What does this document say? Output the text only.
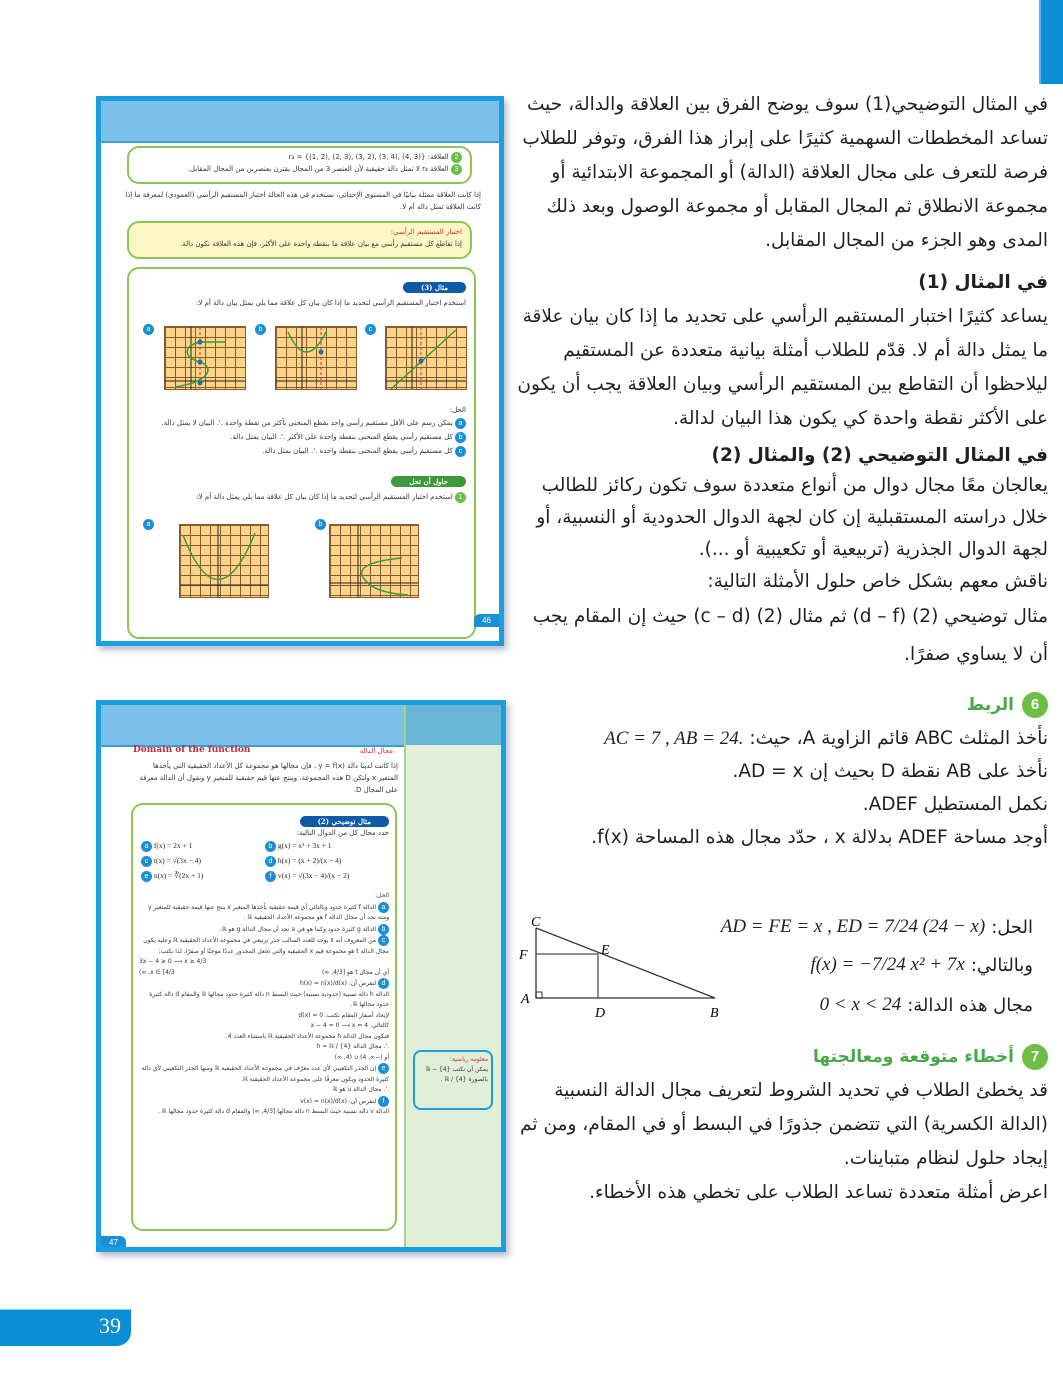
2 العلاقة: r₄ = {(1, 2), (2, 3), (3, 2), (3, 4), (4, 3)}
3 العلاقة r₄ لا تمثل دالة حقيقية لأن العنصر 3 من المجال يقترن بعنصرين من المجال المقابل.
إذا كانت العلاقة ممثلة بيانيًا في المستوى الإحداثي، نستخدم في هذه الحالة اختبار المستقيم الرأسي (العمودي) لمعرفة ما إذا كانت العلاقة تمثل دالة أم لا.
اختبار المستقيم الرأسي:
إذا تقاطع كل مستقيم رأسي مع بيان علاقة ما بنقطة واحدة على الأكثر، فإن هذه العلاقة تكون دالة.
مثال (3)
استخدم اختبار المستقيم الرأسي لتحديد ما إذا كان بيان كل علاقة مما يلي يمثل بيان دالة أم لا:
a	b	c
الحل:
a يمكن رسم على الأقل مستقيم رأسي واحد يقطع المنحنى بأكثر من نقطة واحدة .'. البيان لا يمثل دالة.
b كل مستقيم رأسي يقطع المنحنى بنقطة واحدة على الأكثر .'. البيان يمثل دالة.
c كل مستقيم رأسي يقطع المنحنى بنقطة واحدة .'. البيان يمثل دالة.
حاول أن تحل
1 استخدم اختبار المستقيم الرأسي لتحديد ما إذا كان بيان كل علاقة مما يلي يمثل دالة أم لا:
a	b
46
Domain of the function	مجال الدالة
إذا كانت لدينا دالة y = f(x) ، فإن مجالها هو مجموعة كل الأعداد الحقيقية التي يأخذها المتغير x ولتكن D هذه المجموعة، وينتج عنها قيم حقيقية للمتغير y ونقول أن الدالة معرفة على المجال D.
مثال توضيحي (2)
حدد مجال كل من الدوال التالية:
a f(x) = 2x + 1	b g(x) = x² + 3x + 1
c t(x) = √(3x − 4)	d h(x) = (x + 2)/(x − 4)
e u(x) = ∛(2x + 1)	f v(x) = √(3x − 4)/(x − 2)
الحل:
a الدالة f كثيرة حدود وبالتالي أي قيمة حقيقية يأخذها المتغير x ينتج عنها قيمة حقيقية للمتغير y ومنه نجد أن مجال الدالة f هو مجموعة الأعداد الحقيقية ℝ .
b الدالة g كثيرة حدود وكما هو في a نجد أن مجال الدالة g هو ℝ.
c من المعروف أنه لا يوجد للعدد السالب جذر تربيعي في مجموعة الأعداد الحقيقية ℝ وعليه يكون مجال الدالة t هو مجموعة قيم x الحقيقية والتي تجعل المجذور عددًا موجبًا أو صفرًا. لذا نكتب:
3x − 4 ≥ 0 ⟶ x ≥ 4/3
أي أن مجال t هو [4/3, ∞)
x ∈ [4/3, ∞)
d لنفرض أن: h(x) = n(x)/d(x)
الدالة h دالة نسبية (حدودية نسبية) حيث البسط n دالة كثيرة حدود مجالها ℝ والمقام d دالة كثيرة حدود مجالها ℝ.
لإيجاد أصفار المقام نكتب: d(x) = 0
كالتالي: x − 4 = 0 ⟶ x = 4
فيكون مجال الدالة h مجموعة الأعداد الحقيقية ℝ باستثناء العدد 4.
.'. مجال الدالة h = ℝ / {4}
أو (−∞, 4) ∪ (4, ∞)
e إن الجذر التكعيبي لأي عدد معرّف في مجموعة الأعداد الحقيقية ℝ ومنها الجذر التكعيبي لأي دالة كثيرة الحدود ويكون معرفًا على مجموعة الأعداد الحقيقية ℝ.
.'. مجال الدالة u هو ℝ
f لنفرض أن: v(x) = n(x)/d(x)
الدالة v دالة نسبية حيث البسط n دالة مجالها [4/3, ∞) والمقام d دالة كثيرة حدود مجالها ℝ .
معلومة رياضية:
يمكن أن نكتب ℝ − {4} بالصورة ℝ / {4} .
47

في المثال التوضيحي(1) سوف يوضح الفرق بين العلاقة والدالة، حيث تساعد المخططات السهمية كثيرًا على إبراز هذا الفرق، وتوفر للطلاب فرصة للتعرف على مجال العلاقة (الدالة) أو المجموعة الابتدائية أو مجموعة الانطلاق ثم المجال المقابل أو مجموعة الوصول وبعد ذلك المدى وهو الجزء من المجال المقابل.

في المثال (1)

يساعد كثيرًا اختبار المستقيم الرأسي على تحديد ما إذا كان بيان علاقة ما يمثل دالة أم لا. قدّم للطلاب أمثلة بيانية متعددة عن المستقيم ليلاحظوا أن التقاطع بين المستقيم الرأسي وبيان العلاقة يجب أن يكون على الأكثر نقطة واحدة كي يكون هذا البيان لدالة.

في المثال التوضيحي (2) والمثال (2)

يعالجان معًا مجال دوال من أنواع متعددة سوف تكون ركائز للطالب خلال دراسته المستقبلية إن كان لجهة الدوال الحدودية أو النسبية، أو لجهة الدوال الجذرية (تربيعية أو تكعيبية أو ...).

ناقش معهم بشكل خاص حلول الأمثلة التالية:

مثال توضيحي (2) (d – f) ثم مثال (2) (c – d) حيث إن المقام يجب أن لا يساوي صفرًا.

6
الربط

نأخذ المثلث ABC قائم الزاوية A، حيث: AC = 7 , AB = 24.

نأخذ على AB نقطة D بحيث إن AD = x.

نكمل المستطيل ADEF.

أوجد مساحة ADEF بدلالة x ، حدّد مجال هذه المساحة f(x).

C
F	E
A
D	B
الحل:
AD = FE = x , ED = 7/24 (24 − x)
وبالتالي:
f(x) = −7/24 x² + 7x
مجال هذه الدالة:
0 < x < 24
7
أخطاء متوقعة ومعالجتها

قد يخطئ الطلاب في تحديد الشروط لتعريف مجال الدالة النسبية (الدالة الكسرية) التي تتضمن جذورًا في البسط أو في المقام، ومن ثم إيجاد حلول لنظام متباينات.

اعرض أمثلة متعددة تساعد الطلاب على تخطي هذه الأخطاء.

39
